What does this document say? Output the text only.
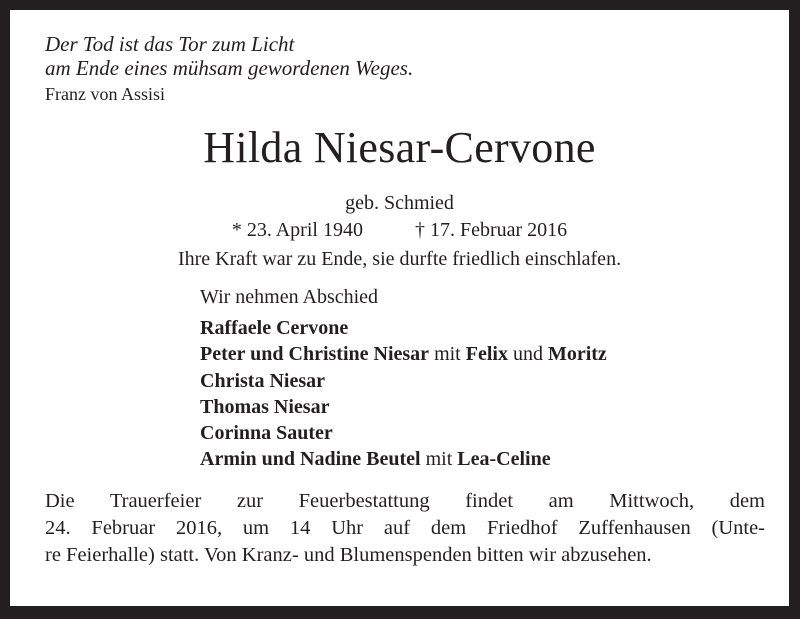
Der Tod ist das Tor zum Licht
am Ende eines mühsam gewordenen Weges.
Franz von Assisi
Hilda Niesar-Cervone
geb. Schmied
* 23. April 1940	† 17. Februar 2016
Ihre Kraft war zu Ende, sie durfte friedlich einschlafen.
Wir nehmen Abschied
Raffaele Cervone
Peter und Christine Niesar mit Felix und Moritz
Christa Niesar
Thomas Niesar
Corinna Sauter
Armin und Nadine Beutel mit Lea-Celine
Die Trauerfeier zur Feuerbestattung findet am Mittwoch, dem
24. Februar 2016, um 14 Uhr auf dem Friedhof Zuffenhausen (Unte-
re Feierhalle) statt. Von Kranz- und Blumenspenden bitten wir abzusehen.
